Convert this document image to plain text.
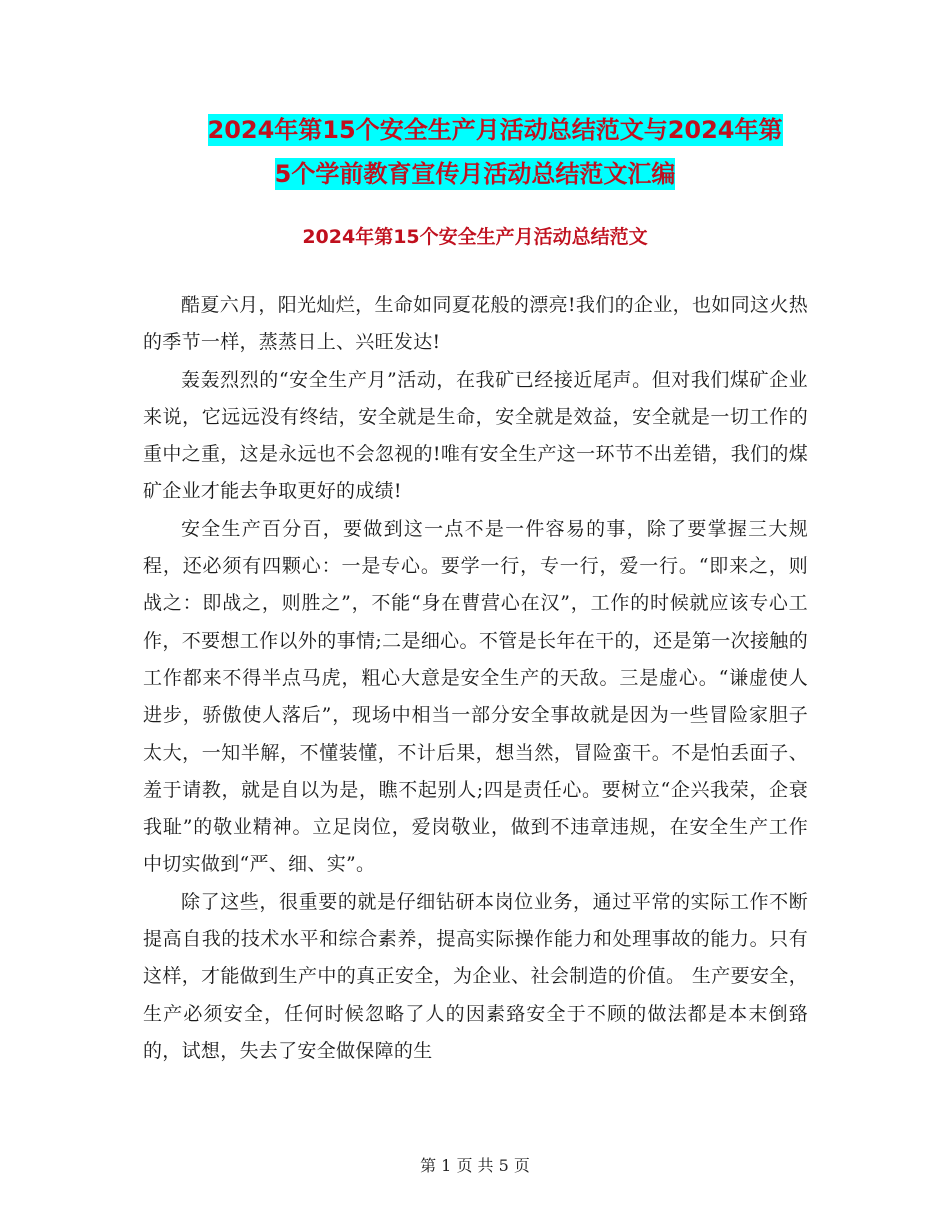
2024年第15个安全生产月活动总结范文与2024年第
5个学前教育宣传月活动总结范文汇编
2024年第15个安全生产月活动总结范文

酷夏六月，阳光灿烂，生命如同夏花般的漂亮!我们的企业，也如同这火热的季节一样，蒸蒸日上、兴旺发达!

轰轰烈烈的“安全生产月”活动，在我矿已经接近尾声。但对我们煤矿企业来说，它远远没有终结，安全就是生命，安全就是效益，安全就是一切工作的重中之重，这是永远也不会忽视的!唯有安全生产这一环节不出差错，我们的煤矿企业才能去争取更好的成绩!

安全生产百分百，要做到这一点不是一件容易的事，除了要掌握三大规程，还必须有四颗心：一是专心。要学一行，专一行，爱一行。“即来之，则战之：即战之，则胜之”，不能“身在曹营心在汉”，工作的时候就应该专心工作，不要想工作以外的事情;二是细心。不管是长年在干的，还是第一次接触的工作都来不得半点马虎，粗心大意是安全生产的天敌。三是虚心。“谦虚使人进步，骄傲使人落后”，现场中相当一部分安全事故就是因为一些冒险家胆子太大，一知半解，不懂装懂，不计后果，想当然，冒险蛮干。不是怕丢面子、羞于请教，就是自以为是，瞧不起别人;四是责任心。要树立“企兴我荣，企衰我耻”的敬业精神。立足岗位，爱岗敬业，做到不违章违规，在安全生产工作中切实做到“严、细、实”。

除了这些，很重要的就是仔细钻研本岗位业务，通过平常的实际工作不断提高自我的技术水平和综合素养，提高实际操作能力和处理事故的能力。只有这样，才能做到生产中的真正安全，为企业、社会制造的价值。 生产要安全，生产必须安全，任何时候忽略了人的因素臵安全于不顾的做法都是本末倒臵的，试想，失去了安全做保障的生

第 1 页 共 5 页
